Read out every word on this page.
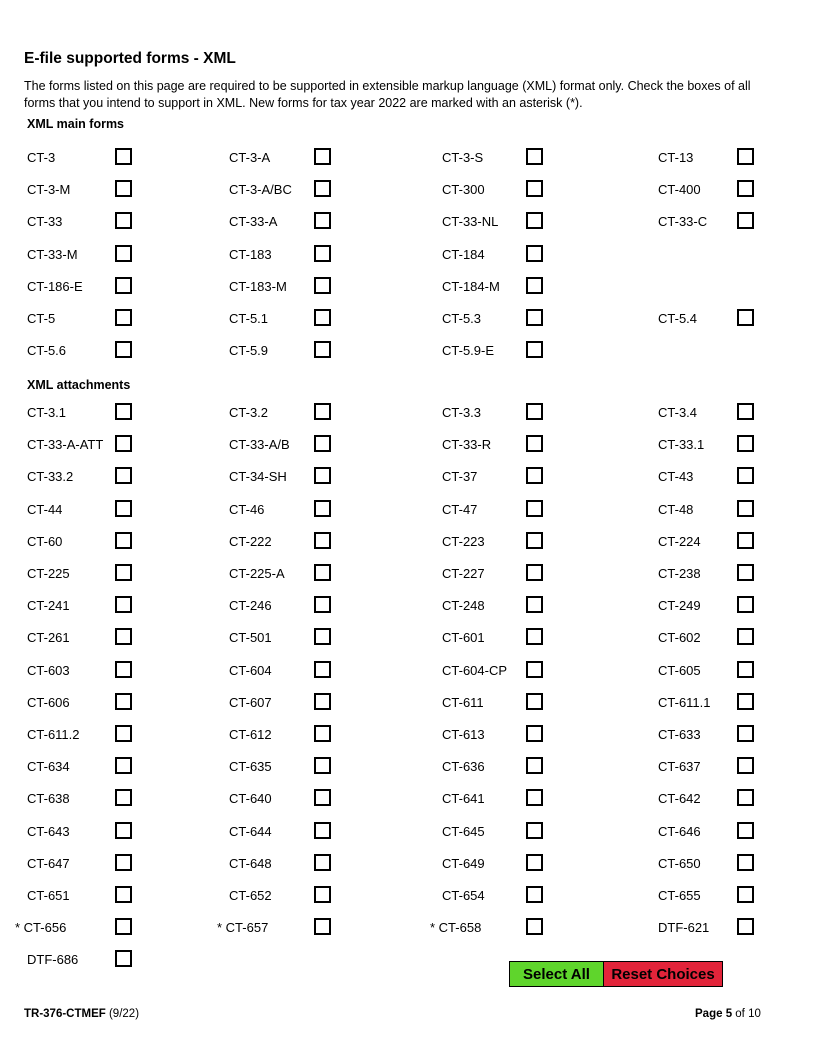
E-file supported forms - XML

The forms listed on this page are required to be supported in extensible markup language (XML) format only. Check the boxes of all forms that you intend to support in XML. New forms for tax year 2022 are marked with an asterisk (*).

XML main forms
CT-3	CT-3-A	CT-3-S	CT-13
CT-3-M	CT-3-A/BC	CT-300	CT-400
CT-33	CT-33-A	CT-33-NL	CT-33-C
CT-33-M	CT-183	CT-184
CT-186-E	CT-183-M	CT-184-M
CT-5	CT-5.1	CT-5.3	CT-5.4
CT-5.6	CT-5.9	CT-5.9-E
XML attachments
CT-3.1	CT-3.2	CT-3.3	CT-3.4
CT-33-A-ATT	CT-33-A/B	CT-33-R	CT-33.1
CT-33.2	CT-34-SH	CT-37	CT-43
CT-44	CT-46	CT-47	CT-48
CT-60	CT-222	CT-223	CT-224
CT-225	CT-225-A	CT-227	CT-238
CT-241	CT-246	CT-248	CT-249
CT-261	CT-501	CT-601	CT-602
CT-603	CT-604	CT-604-CP	CT-605
CT-606	CT-607	CT-611	CT-611.1
CT-611.2	CT-612	CT-613	CT-633
CT-634	CT-635	CT-636	CT-637
CT-638	CT-640	CT-641	CT-642
CT-643	CT-644	CT-645	CT-646
CT-647	CT-648	CT-649	CT-650
CT-651	CT-652	CT-654	CT-655
* CT-656	* CT-657	* CT-658	DTF-621
DTF-686
Select All	Reset Choices
TR-376-CTMEF (9/22)	Page 5 of 10
